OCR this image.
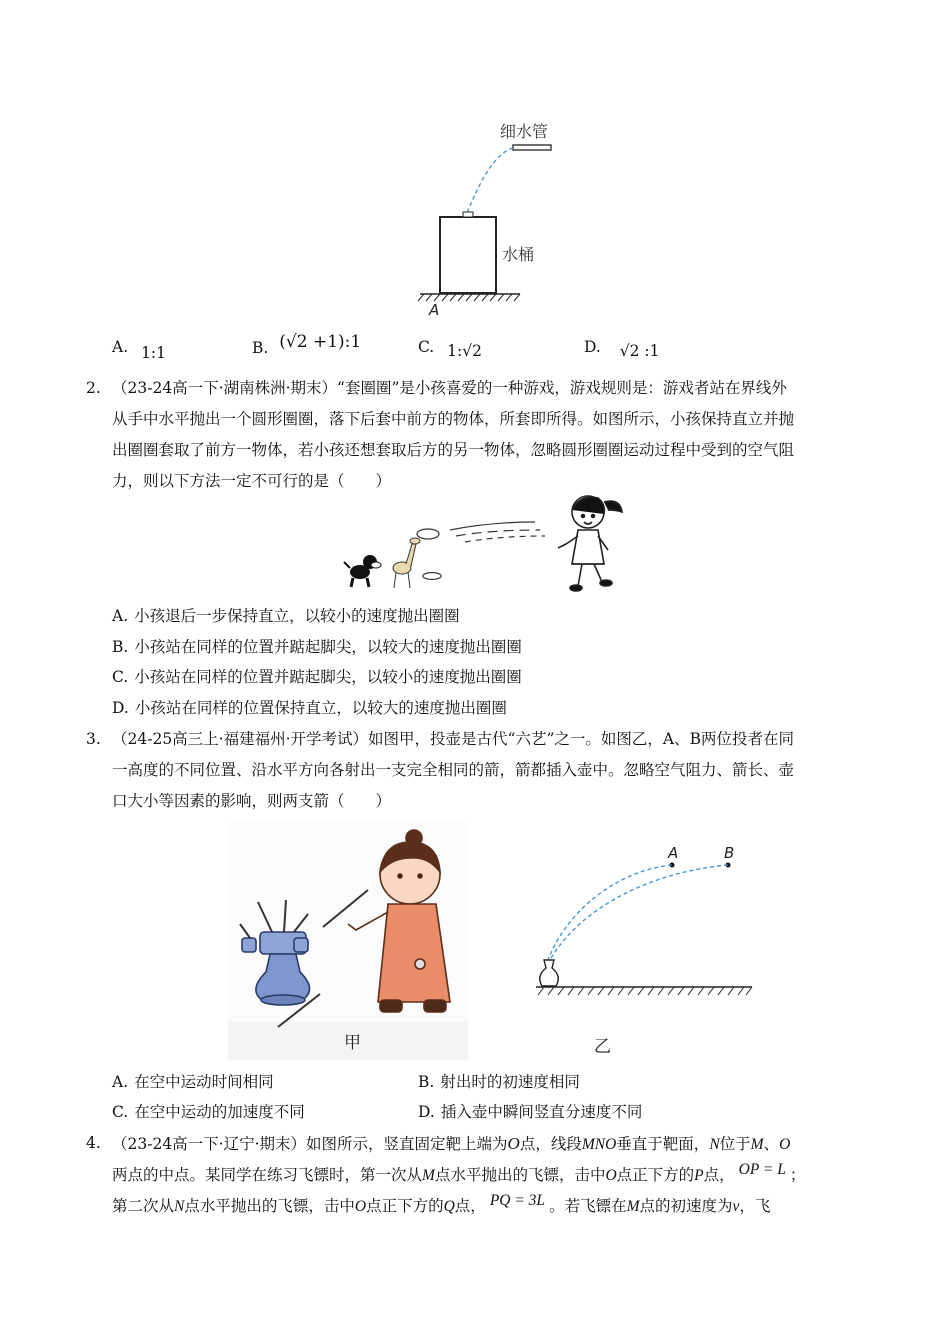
细水管
水桶
A
A. 1:1	B. (√2 +1):1	C. 1:√2	D. √2 :1
2. （23-24高一下·湖南株洲·期末）“套圈圈”是小孩喜爱的一种游戏，游戏规则是：游戏者站在界线外
从手中水平抛出一个圆形圈圈，落下后套中前方的物体，所套即所得。如图所示，小孩保持直立并抛
出圈圈套取了前方一物体，若小孩还想套取后方的另一物体，忽略圆形圈圈运动过程中受到的空气阻
力，则以下方法一定不可行的是（　　）
A. 小孩退后一步保持直立，以较小的速度抛出圈圈
B. 小孩站在同样的位置并踮起脚尖，以较大的速度抛出圈圈
C. 小孩站在同样的位置并踮起脚尖，以较小的速度抛出圈圈
D. 小孩站在同样的位置保持直立，以较大的速度抛出圈圈
3. （24-25高三上·福建福州·开学考试）如图甲，投壶是古代“六艺”之一。如图乙，A、B两位投者在同
一高度的不同位置、沿水平方向各射出一支完全相同的箭，箭都插入壶中。忽略空气阻力、箭长、壶
口大小等因素的影响，则两支箭（　　）
甲
A	B
乙
A. 在空中运动时间相同	B. 射出时的初速度相同
C. 在空中运动的加速度不同	D. 插入壶中瞬间竖直分速度不同
4. （23-24高一下·辽宁·期末）如图所示，竖直固定靶上端为O点，线段MNO垂直于靶面，N位于M、O
两点的中点。某同学在练习飞镖时，第一次从M点水平抛出的飞镖，击中O点正下方的P点， OP = L ；
第二次从N点水平抛出的飞镖，击中O点正下方的Q点， PQ = 3L 。若飞镖在M点的初速度为v，飞
